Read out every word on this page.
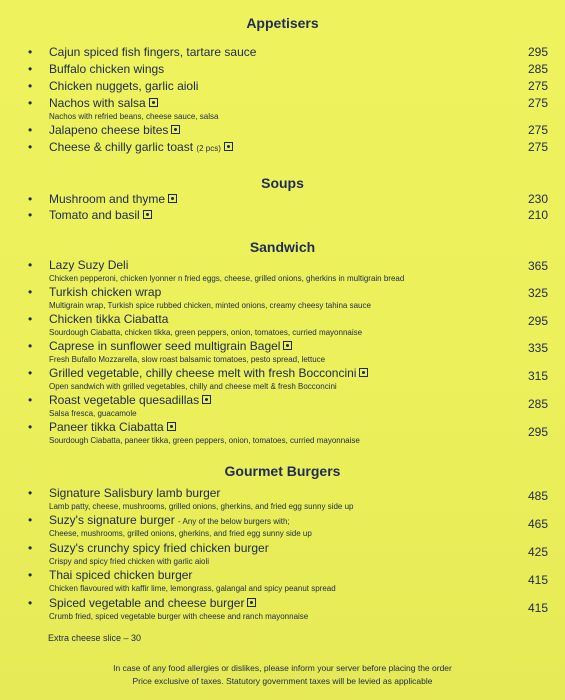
Appetisers
• Cajun spiced fish fingers, tartare sauce	295
• Buffalo chicken wings	285
• Chicken nuggets, garlic aioli	275
• Nachos with salsa	275
Nachos with refried beans, cheese sauce, salsa
• Jalapeno cheese bites	275
• Cheese & chilly garlic toast (2 pcs)	275
Soups
• Mushroom and thyme	230
• Tomato and basil	210
Sandwich
• Lazy Suzy Deli	365
Chicken pepperoni, chicken lyonner n fried eggs, cheese, grilled onions, gherkins in multigrain bread
• Turkish chicken wrap	325
Multigrain wrap, Turkish spice rubbed chicken, minted onions, creamy cheesy tahina sauce
• Chicken tikka Ciabatta	295
Sourdough Ciabatta, chicken tikka, green peppers, onion, tomatoes, curried mayonnaise
• Caprese in sunflower seed multigrain Bagel	335
Fresh Bufallo Mozzarella, slow roast balsamic tomatoes, pesto spread, lettuce
• Grilled vegetable, chilly cheese melt with fresh Bocconcini	315
Open sandwich with grilled vegetables, chilly and cheese melt & fresh Bocconcini
• Roast vegetable quesadillas	285
Salsa fresca, guacamole
• Paneer tikka Ciabatta	295
Sourdough Ciabatta, paneer tikka, green peppers, onion, tomatoes, curried mayonnaise
Gourmet Burgers
• Signature Salisbury lamb burger	485
Lamb patty, cheese, mushrooms, grilled onions, gherkins, and fried egg sunny side up
• Suzy's signature burger - Any of the below burgers with;	465
Cheese, mushrooms, grilled onions, gherkins, and fried egg sunny side up
• Suzy's crunchy spicy fried chicken burger	425
Crispy and spicy fried chicken with garlic aioli
• Thai spiced chicken burger	415
Chicken flavoured with kaffir lime, lemongrass, galangal and spicy peanut spread
• Spiced vegetable and cheese burger	415
Crumb fried, spiced vegetable burger with cheese and ranch mayonnaise
Extra cheese slice – 30
In case of any food allergies or dislikes, please inform your server before placing the order
Price exclusive of taxes. Statutory government taxes will be levied as applicable
